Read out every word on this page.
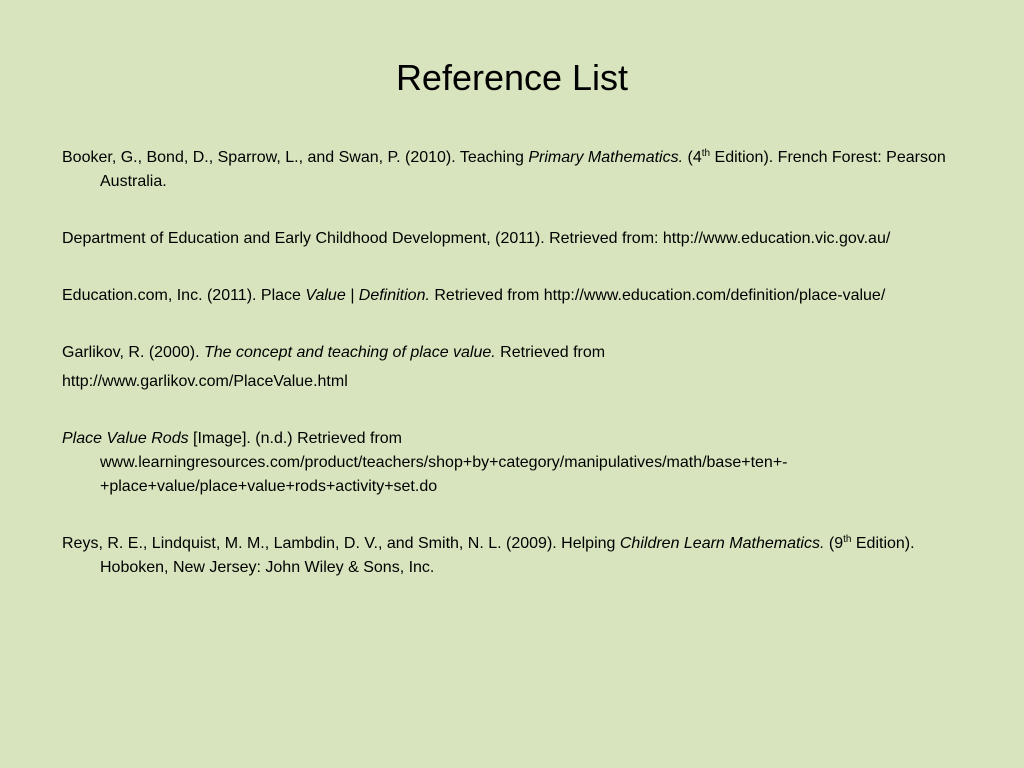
Reference List

Booker, G., Bond, D., Sparrow, L., and Swan, P. (2010). Teaching Primary Mathematics. (4th Edition). French Forest: Pearson Australia.

Department of Education and Early Childhood Development, (2011). Retrieved from: http://www.education.vic.gov.au/

Education.com, Inc. (2011). Place Value | Definition. Retrieved from http://www.education.com/definition/place-value/

Garlikov, R. (2000). The concept and teaching of place value. Retrieved from
http://www.garlikov.com/PlaceValue.html

Place Value Rods [Image]. (n.d.) Retrieved from www.learningresources.com/product/teachers/shop+by+category/manipulatives/math/base+ten+-+place+value/place+value+rods+activity+set.do

Reys, R. E., Lindquist, M. M., Lambdin, D. V., and Smith, N. L. (2009). Helping Children Learn Mathematics. (9th Edition). Hoboken, New Jersey: John Wiley & Sons, Inc.
